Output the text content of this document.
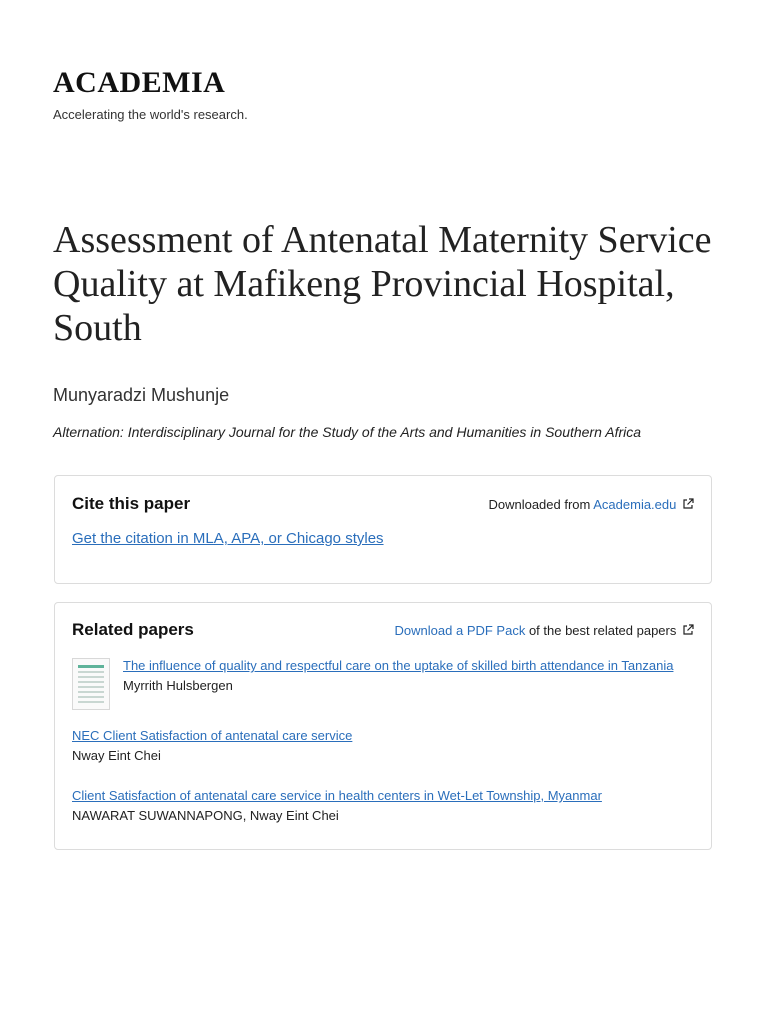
ACADEMIA
Accelerating the world's research.
Assessment of Antenatal Maternity Service Quality at Mafikeng Provincial Hospital, South
Munyaradzi Mushunje
Alternation: Interdisciplinary Journal for the Study of the Arts and Humanities in Southern Africa
Cite this paper	Downloaded from Academia.edu
Get the citation in MLA, APA, or Chicago styles
Related papers	Download a PDF Pack of the best related papers
The influence of quality and respectful care on the uptake of skilled birth attendance in Tanzania
Myrrith Hulsbergen
NEC Client Satisfaction of antenatal care service
Nway Eint Chei
Client Satisfaction of antenatal care service in health centers in Wet-Let Township, Myanmar
NAWARAT SUWANNAPONG, Nway Eint Chei
